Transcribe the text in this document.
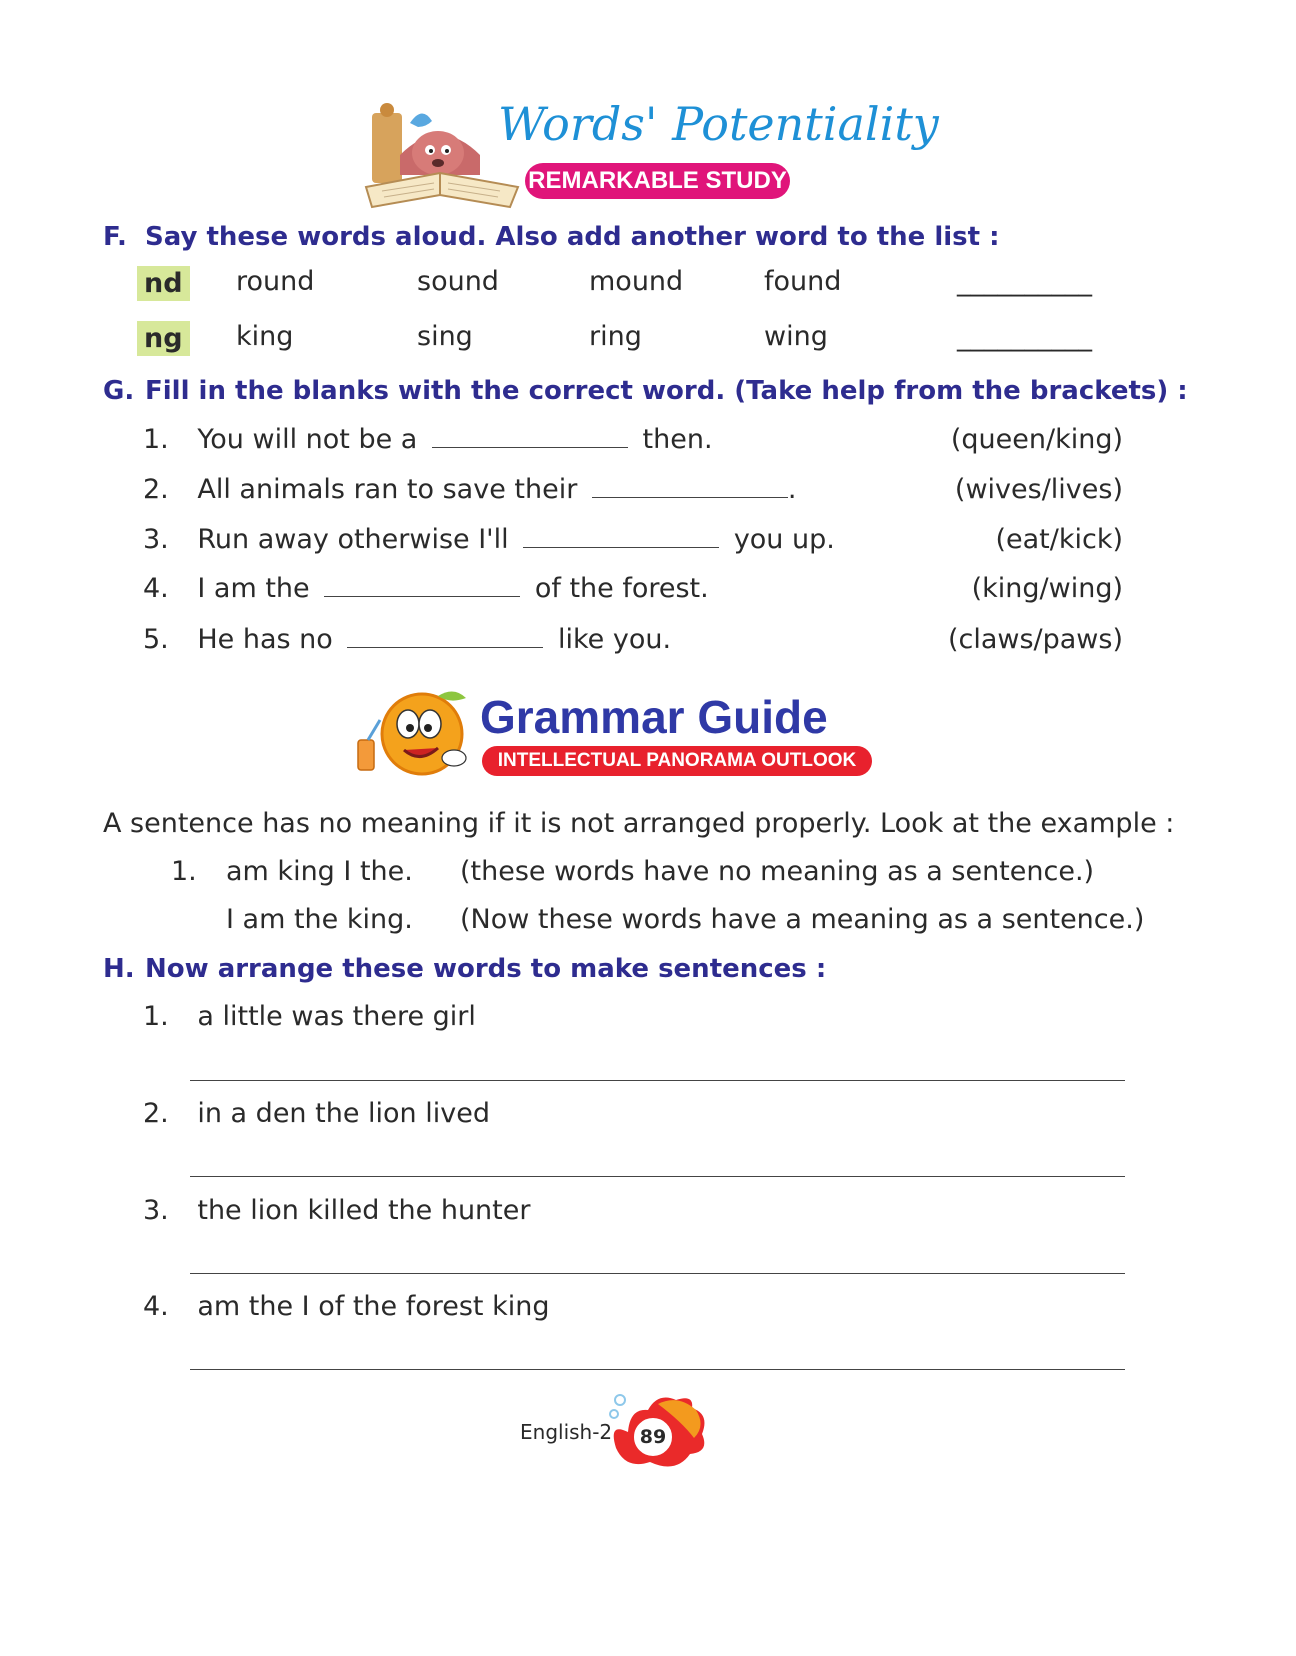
Words' Potentiality
REMARKABLE STUDY
F. Say these words aloud. Also add another word to the list :
nd round	sound	mound	found	__________
ng king	sing	ring	wing	__________
G. Fill in the blanks with the correct word. (Take help from the brackets) :
1. You will not be a	then.	(queen/king)
2. All animals ran to save their	.	(wives/lives)
3. Run away otherwise I'll	you up.	(eat/kick)
4. I am the	of the forest.	(king/wing)
5. He has no	like you.	(claws/paws)
Grammar Guide
INTELLECTUAL PANORAMA OUTLOOK
A sentence has no meaning if it is not arranged properly. Look at the example :
1. am king I the. (these words have no meaning as a sentence.)
I am the king. (Now these words have a meaning as a sentence.)
H. Now arrange these words to make sentences :
1. a little was there girl
2. in a den the lion lived
3. the lion killed the hunter
4. am the I of the forest king
English-2	89
